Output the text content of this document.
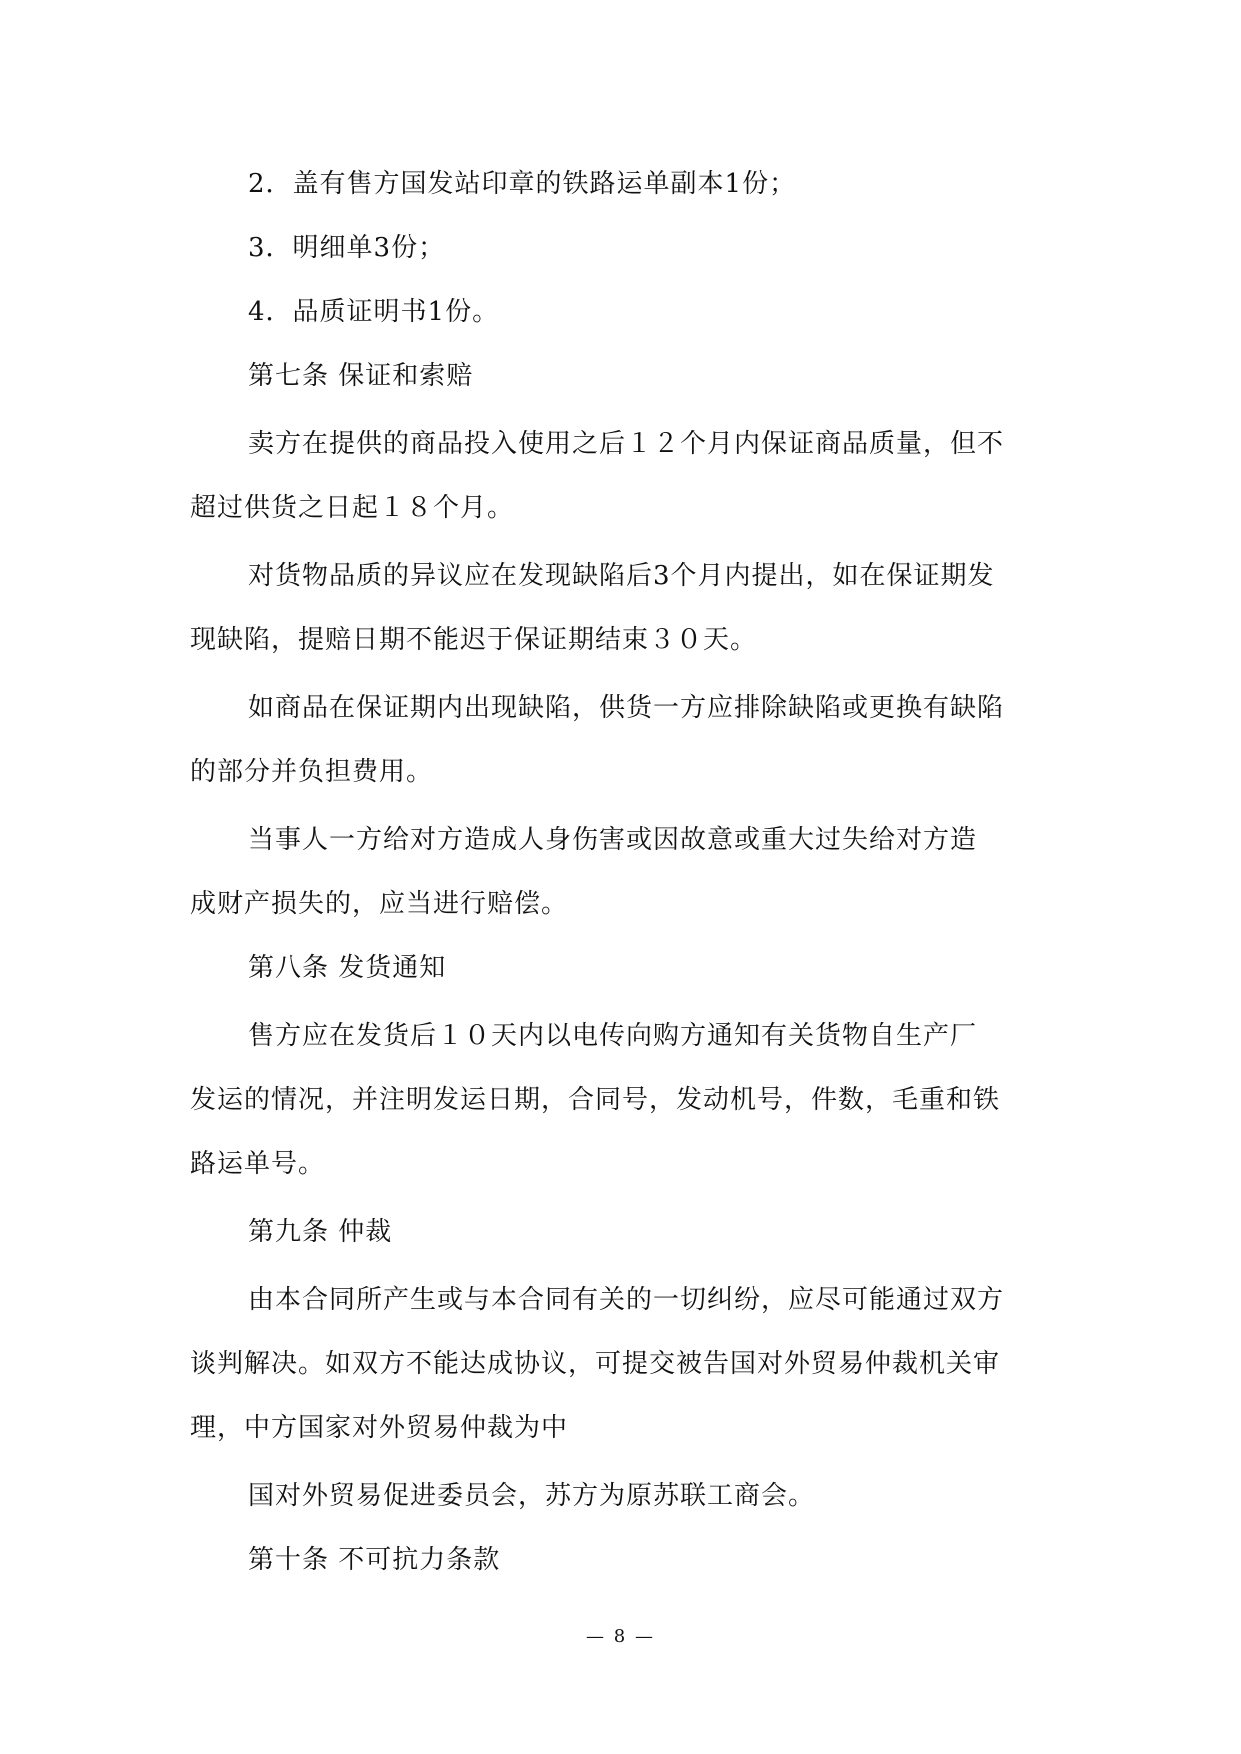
2．盖有售方国发站印章的铁路运单副本1份；
3．明细单3份；
4．品质证明书1份。
第七条 保证和索赔
卖方在提供的商品投入使用之后１２个月内保证商品质量，但不
超过供货之日起１８个月。
对货物品质的异议应在发现缺陷后3个月内提出，如在保证期发
现缺陷，提赔日期不能迟于保证期结束３０天。
如商品在保证期内出现缺陷，供货一方应排除缺陷或更换有缺陷
的部分并负担费用。
当事人一方给对方造成人身伤害或因故意或重大过失给对方造
成财产损失的，应当进行赔偿。
第八条 发货通知
售方应在发货后１０天内以电传向购方通知有关货物自生产厂
发运的情况，并注明发运日期，合同号，发动机号，件数，毛重和铁
路运单号。
第九条 仲裁
由本合同所产生或与本合同有关的一切纠纷，应尽可能通过双方
谈判解决。如双方不能达成协议，可提交被告国对外贸易仲裁机关审
理，中方国家对外贸易仲裁为中
国对外贸易促进委员会，苏方为原苏联工商会。
第十条 不可抗力条款
— 8 —
